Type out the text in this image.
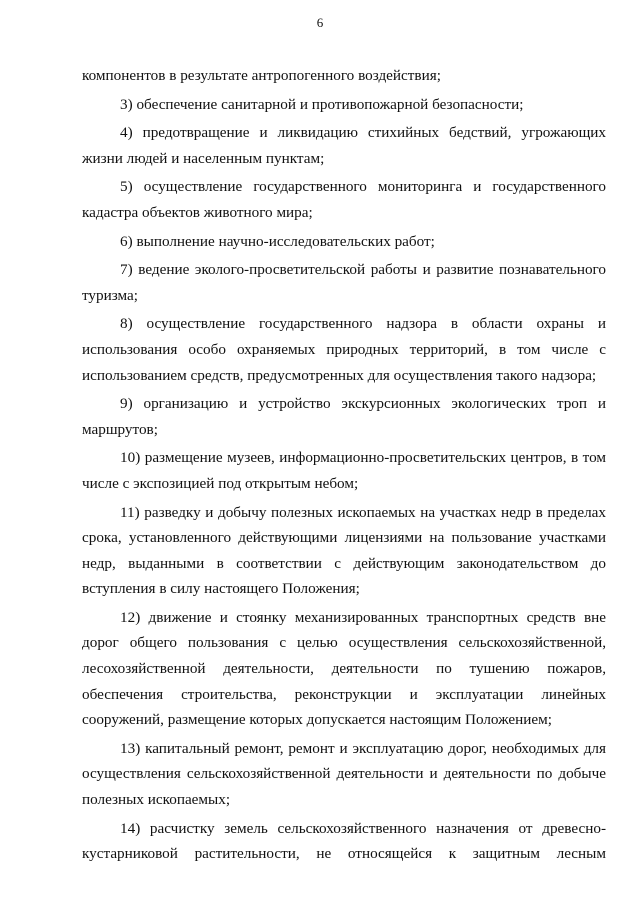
6

компонентов в результате антропогенного воздействия;

3) обеспечение санитарной и противопожарной безопасности;

4) предотвращение и ликвидацию стихийных бедствий, угрожающих жизни людей и населенным пунктам;

5) осуществление государственного мониторинга и государственного кадастра объектов животного мира;

6) выполнение научно-исследовательских работ;

7) ведение эколого-просветительской работы и развитие познавательного туризма;

8) осуществление государственного надзора в области охраны и использования особо охраняемых природных территорий, в том числе с использованием средств, предусмотренных для осуществления такого надзора;

9) организацию и устройство экскурсионных экологических троп и маршрутов;

10) размещение музеев, информационно-просветительских центров, в том числе с экспозицией под открытым небом;

11) разведку и добычу полезных ископаемых на участках недр в пределах срока, установленного действующими лицензиями на пользование участками недр, выданными в соответствии с действующим законодательством до вступления в силу настоящего Положения;

12) движение и стоянку механизированных транспортных средств вне дорог общего пользования с целью осуществления сельскохозяйственной, лесохозяйственной деятельности, деятельности по тушению пожаров, обеспечения строительства, реконструкции и эксплуатации линейных сооружений, размещение которых допускается настоящим Положением;

13) капитальный ремонт, ремонт и эксплуатацию дорог, необходимых для осуществления сельскохозяйственной деятельности и деятельности по добыче полезных ископаемых;

14) расчистку земель сельскохозяйственного назначения от древесно-кустарниковой растительности, не относящейся к защитным лесным
